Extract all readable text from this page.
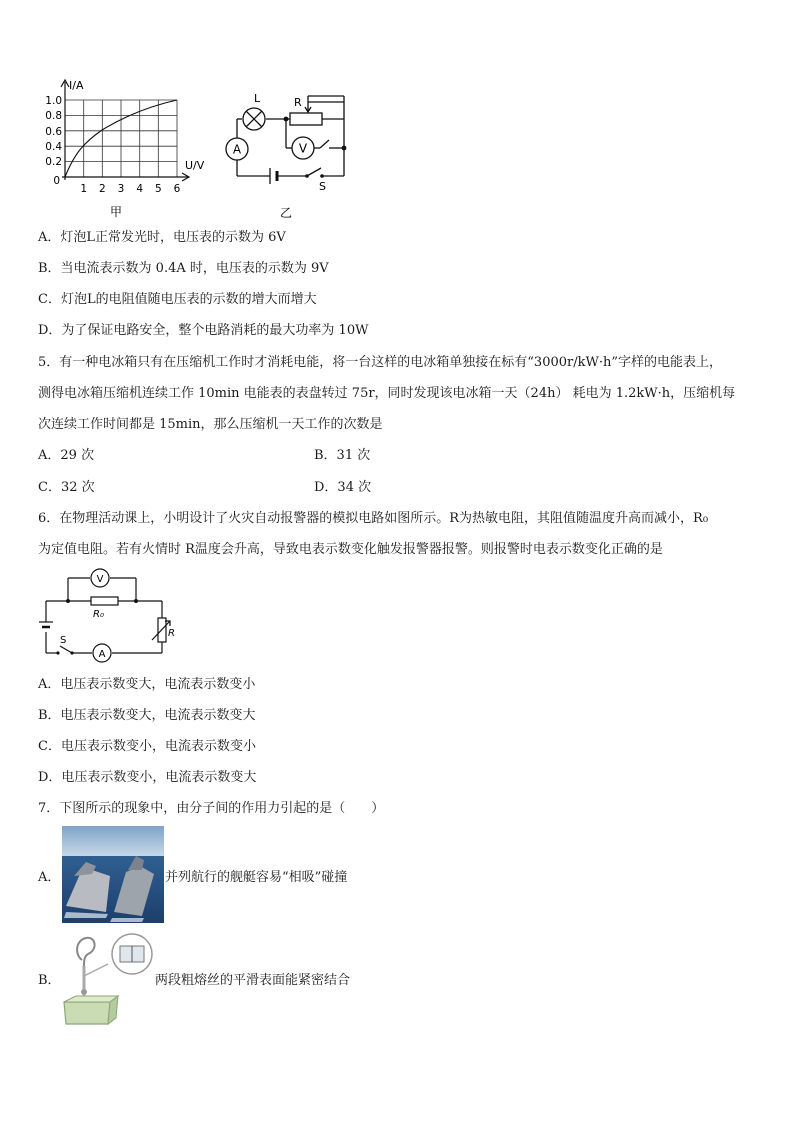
I/A
U/V
1.0
0.8
0.6
0.4
0.2
0
1 2 3 4 5 6
甲
A	V
L	R
S
乙
A．灯泡L正常发光时，电压表的示数为 6V
B．当电流表示数为 0.4A 时，电压表的示数为 9V
C．灯泡L的电阻值随电压表的示数的增大而增大
D．为了保证电路安全，整个电路消耗的最大功率为 10W
5．有一种电冰箱只有在压缩机工作时才消耗电能，将一台这样的电冰箱单独接在标有“3000r/kW·h”字样的电能表上，
测得电冰箱压缩机连续工作 10min 电能表的表盘转过 75r，同时发现该电冰箱一天（24h） 耗电为 1.2kW·h，压缩机每
次连续工作时间都是 15min，那么压缩机一天工作的次数是
A．29 次	B．31 次
C．32 次	D．34 次
6．在物理活动课上，小明设计了火灾自动报警器的模拟电路如图所示。R为热敏电阻，其阻值随温度升高而减小，R₀
为定值电阻。若有火情时 R温度会升高，导致电表示数变化触发报警器报警。则报警时电表示数变化正确的是
V
A
R₀
R
S
A．电压表示数变大，电流表示数变小
B．电压表示数变大，电流表示数变大
C．电压表示数变小，电流表示数变小
D．电压表示数变小，电流表示数变大
7．下图所示的现象中，由分子间的作用力引起的是（　　）
A．	并列航行的舰艇容易“相吸”碰撞
B．	两段粗熔丝的平滑表面能紧密结合
